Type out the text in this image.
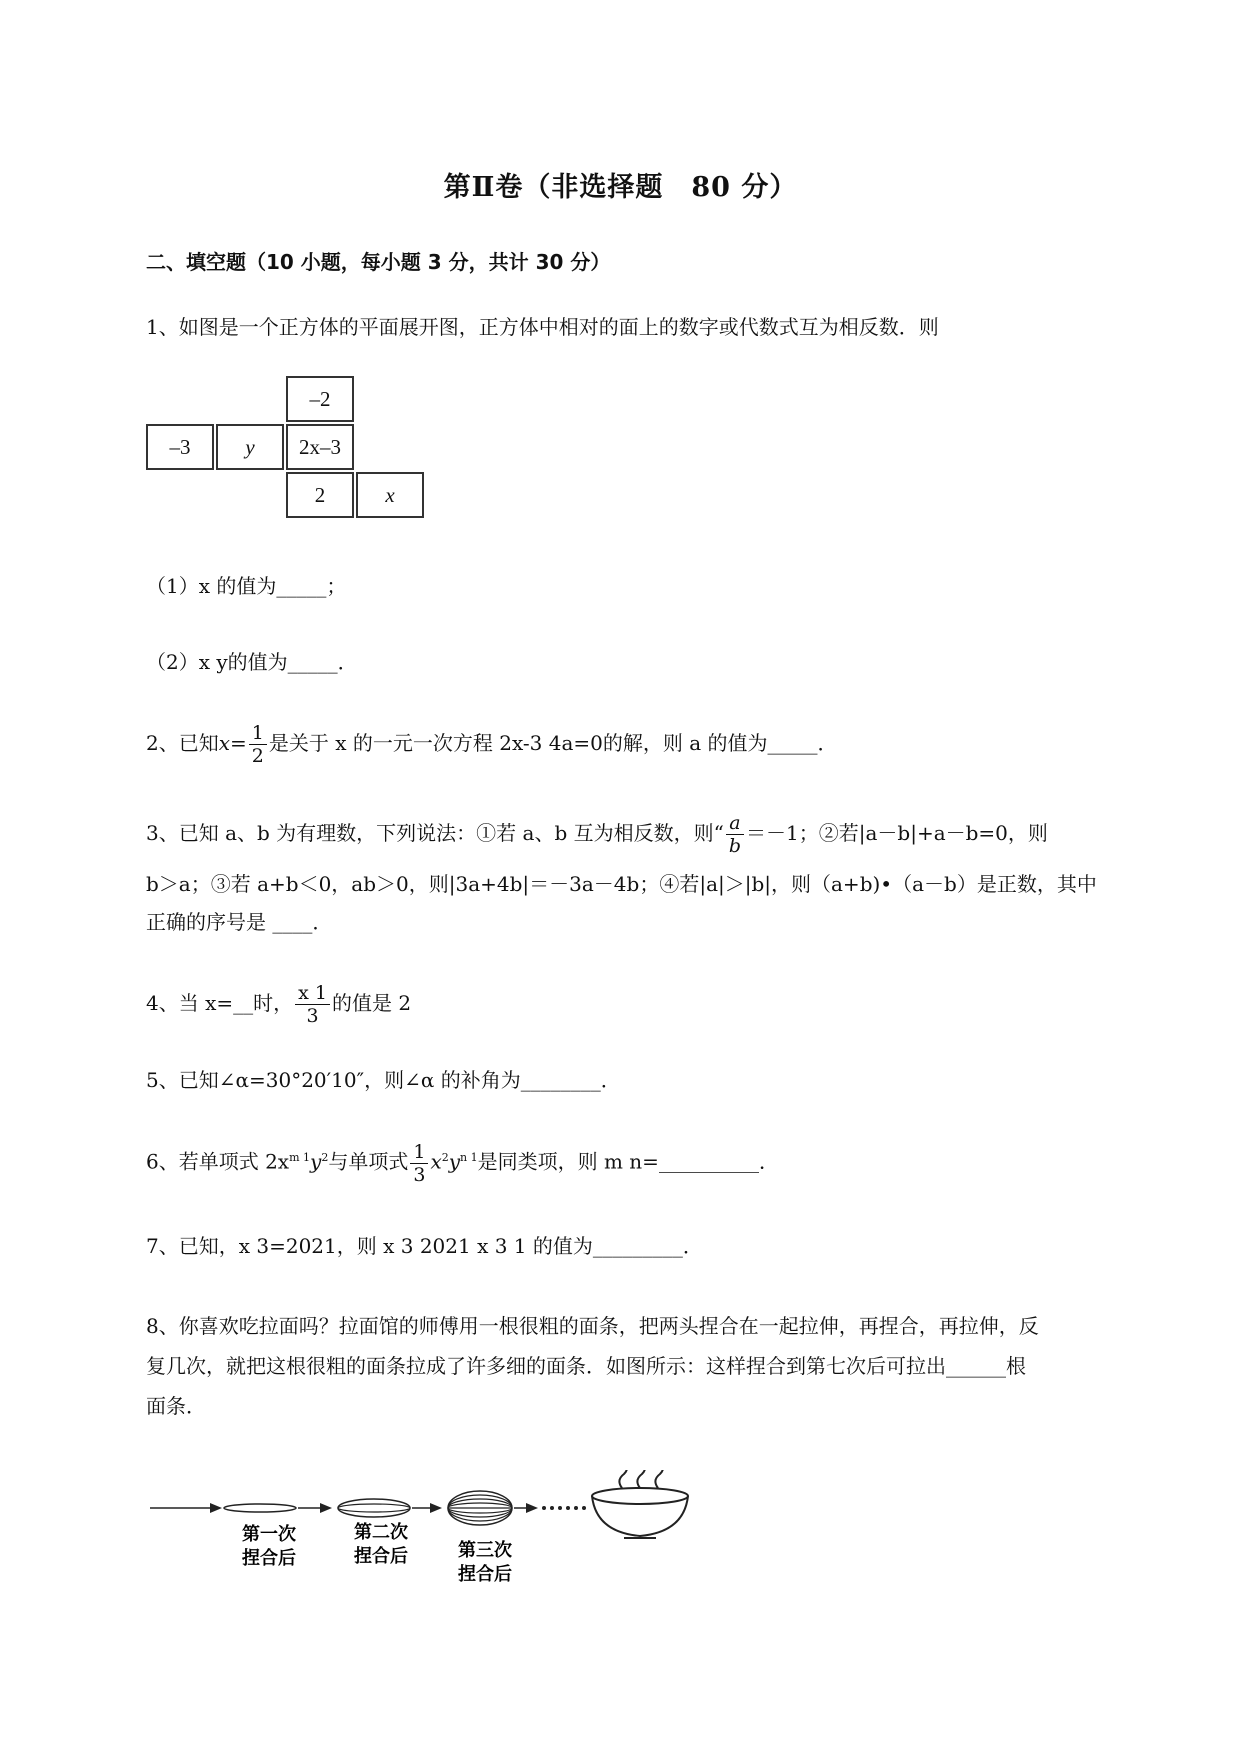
第Ⅱ卷（非选择题　80 分）
二、填空题（10 小题，每小题 3 分，共计 30 分）
1、如图是一个正方体的平面展开图，正方体中相对的面上的数字或代数式互为相反数．则
–2
–3	y	2x–3
2	x
（1）x 的值为_____；
（2）x y的值为_____．
2、已知$x= \frac{1}{2}$ 是关于 x 的一元一次方程 2x-3 4a=0的解，则 a 的值为_____．
3、已知 a、b 为有理数，下列说法：①若 a、b 互为相反数，则“ $\frac{a}{b} =-1$；②若|a－b|+a－b=0，则
b＞a；③若 a+b＜0，ab＞0，则|3a+4b|＝－3a－4b；④若|a|＞|b|，则（a+b)•（a－b）是正数，其中
正确的序号是 ____．
4、当 x=__时， $\frac{x 1}{3}$ 的值是 2
5、已知∠α=30°20′10″，则∠α 的补角为________．
6、若单项式 $2x^{m 1}y^2$与单项式 $\frac{1}{3} x^2y^{n 1}$是同类项，则 m n=__________．
7、已知，x 3=2021，则 x 3 2021 x 3 1 的值为_________．
8、你喜欢吃拉面吗？拉面馆的师傅用一根很粗的面条，把两头捏合在一起拉伸，再捏合，再拉伸，反
复几次，就把这根很粗的面条拉成了许多细的面条．如图所示：这样捏合到第七次后可拉出______根
面条．
第一次
捏合后
第二次
捏合后	第三次
捏合后
